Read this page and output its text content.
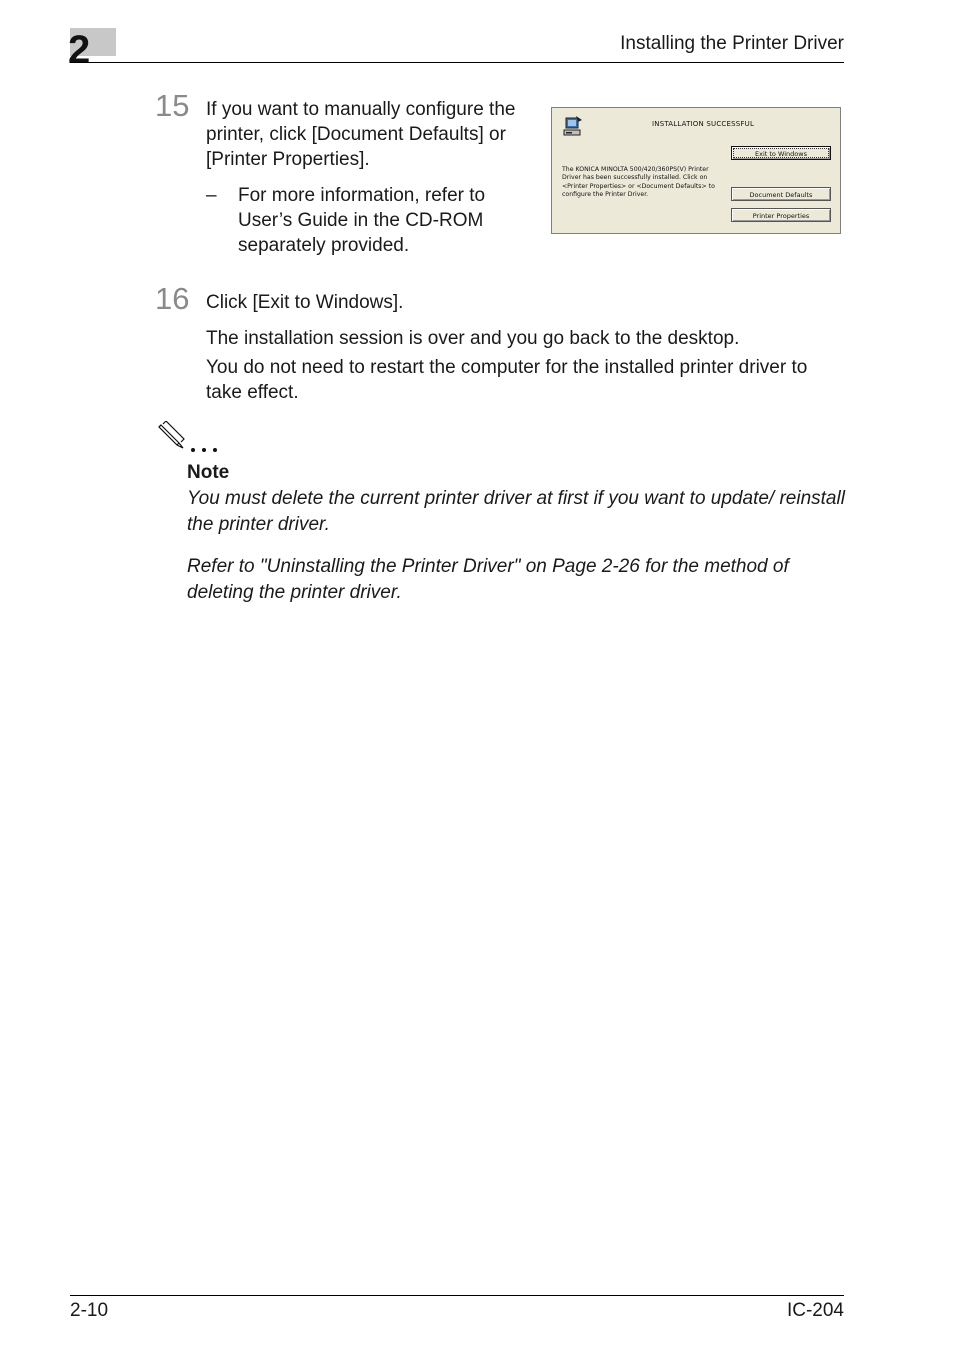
2	Installing the Printer Driver
15 If you want to manually configure the printer, click [Document Defaults] or [Printer Properties].
– For more information, refer to User’s Guide in the CD-ROM separately provided.
INSTALLATION SUCCESSFUL
The KONICA MINOLTA 500/420/360PS(V) Printer Driver has been successfully installed. Click on <Printer Properties> or <Document Defaults> to configure the Printer Driver.
Exit to Windows
Document Defaults
Printer Properties
16 Click [Exit to Windows].
The installation session is over and you go back to the desktop.
You do not need to restart the computer for the installed printer driver to take effect.
Note
You must delete the current printer driver at first if you want to update/ reinstall the printer driver.
Refer to "Uninstalling the Printer Driver" on Page 2-26 for the method of deleting the printer driver.
2-10	IC-204
